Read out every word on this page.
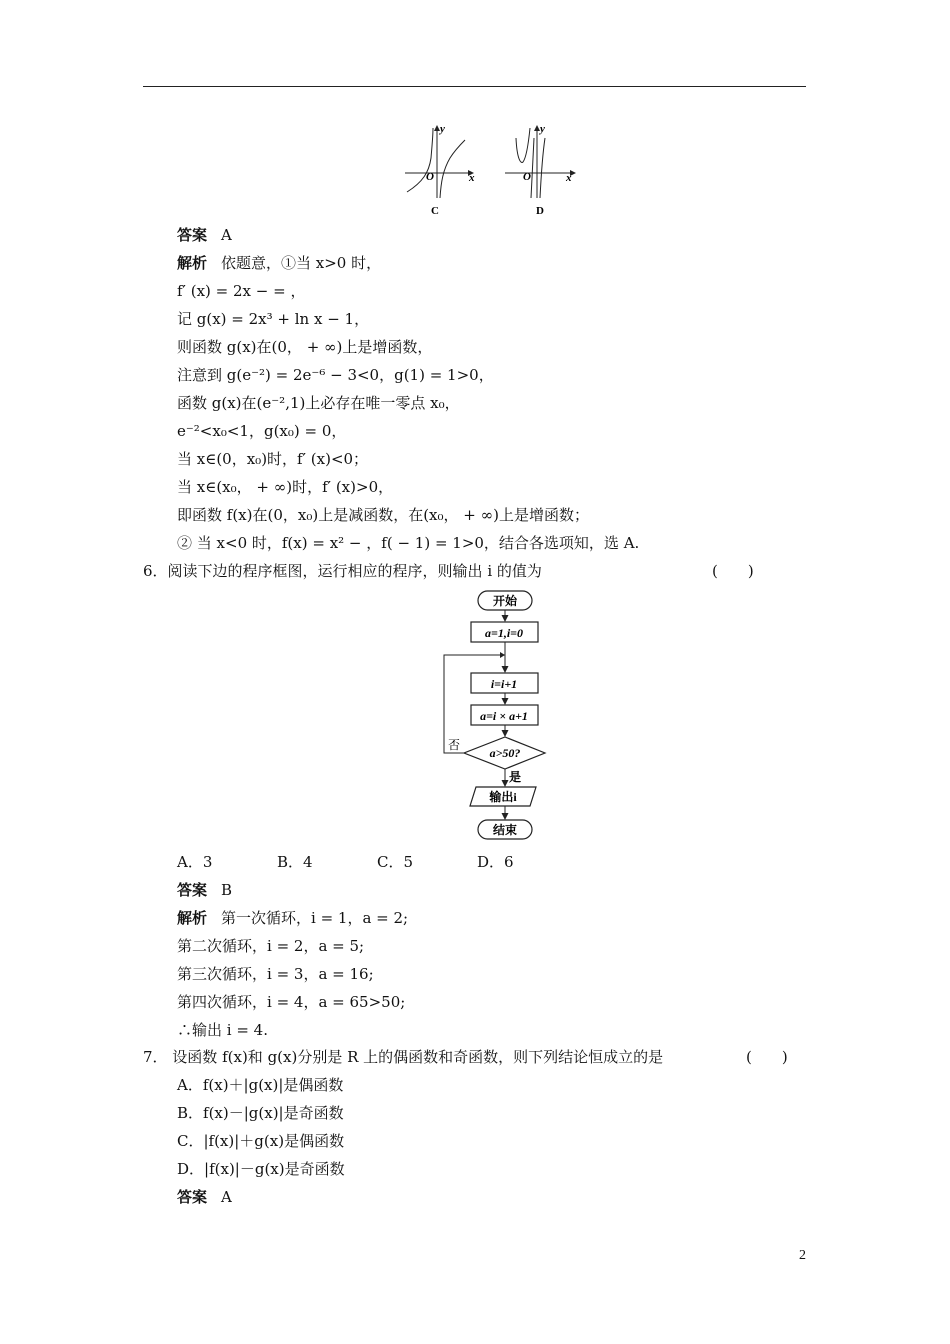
O	x
y
C
O	x
y
D
答案 A
解析 依题意，①当 x>0 时，
f′ (x) = 2x − = ，
记 g(x) = 2x³ + ln x − 1，
则函数 g(x)在(0， + ∞)上是增函数，
注意到 g(e⁻²) = 2e⁻⁶ − 3<0，g(1) = 1>0，
函数 g(x)在(e⁻²,1)上必存在唯一零点 x₀，
e⁻²<x₀<1，g(x₀) = 0，
当 x∈(0，x₀)时，f′ (x)<0；
当 x∈(x₀， + ∞)时，f′ (x)>0，
即函数 f(x)在(0，x₀)上是减函数，在(x₀， + ∞)上是增函数；
② 当 x<0 时，f(x) = x² − ，f( − 1) = 1>0，结合各选项知，选 A.
6．阅读下边的程序框图，运行相应的程序，则输出 i 的值为	(　　)
开始
a=1,i=0
i=i+1
a=i × a+1
a>50?
否
是
输出i
结束
A．3	B．4	C．5	D．6
答案 B
解析 第一次循环，i = 1，a = 2;
第二次循环，i = 2，a = 5;
第三次循环，i = 3，a = 16;
第四次循环，i = 4，a = 65>50;
∴输出 i = 4.
7． 设函数 f(x)和 g(x)分别是 R 上的偶函数和奇函数，则下列结论恒成立的是	(　　)
A．f(x)＋|g(x)|是偶函数
B．f(x)－|g(x)|是奇函数
C．|f(x)|＋g(x)是偶函数
D．|f(x)|－g(x)是奇函数
答案 A
2
